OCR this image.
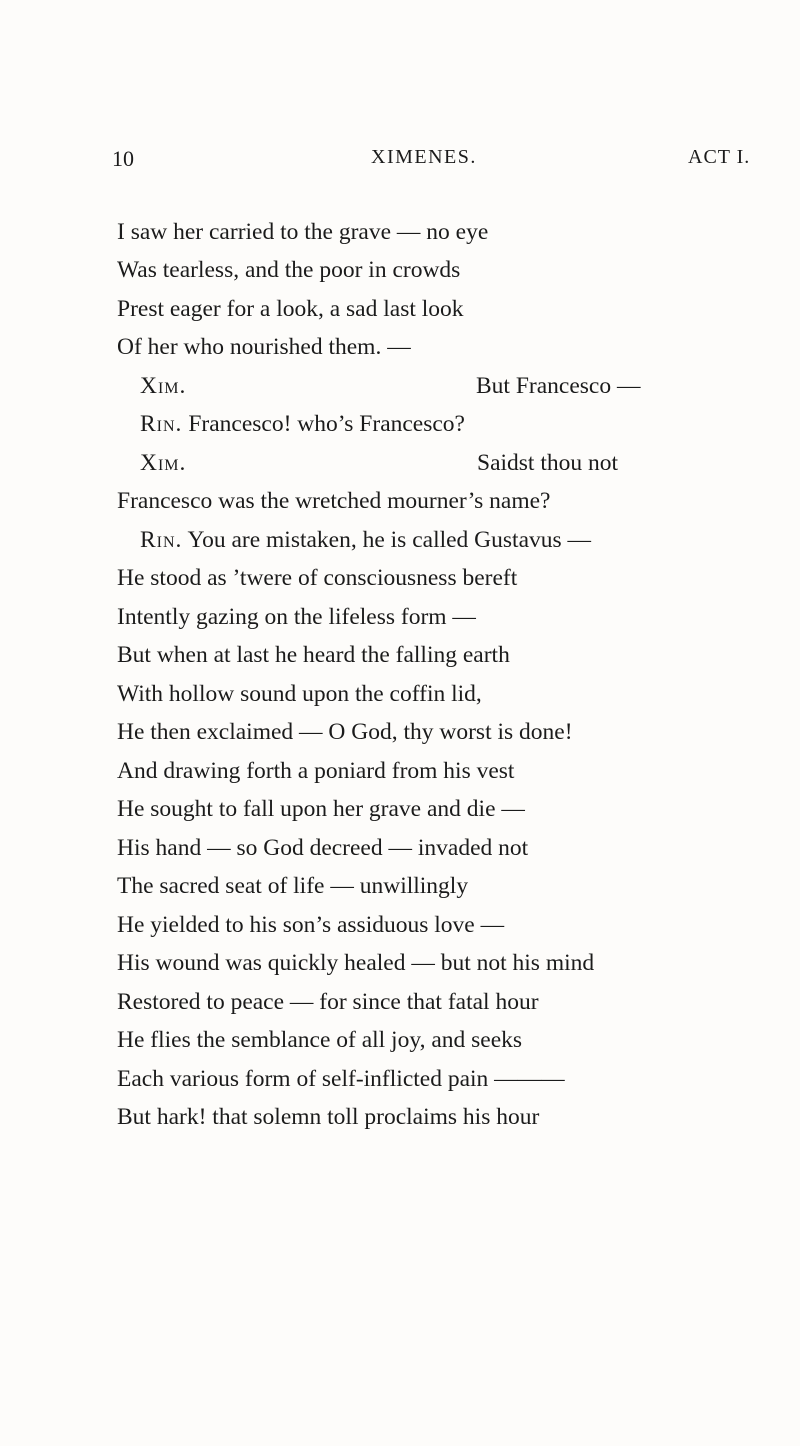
10	XIMENES.	ACT I.
I saw her carried to the grave — no eye
Was tearless, and the poor in crowds
Prest eager for a look, a sad last look
Of her who nourished them. —
Xim.	But Francesco —
Rin. Francesco! who’s Francesco?
Xim.	Saidst thou not
Francesco was the wretched mourner’s name?
Rin. You are mistaken, he is called Gustavus —
He stood as ’twere of consciousness bereft
Intently gazing on the lifeless form —
But when at last he heard the falling earth
With hollow sound upon the coffin lid,
He then exclaimed — O God, thy worst is done!
And drawing forth a poniard from his vest
He sought to fall upon her grave and die —
His hand — so God decreed — invaded not
The sacred seat of life — unwillingly
He yielded to his son’s assiduous love —
His wound was quickly healed — but not his mind
Restored to peace — for since that fatal hour
He flies the semblance of all joy, and seeks
Each various form of self-inflicted pain ———
But hark! that solemn toll proclaims his hour
